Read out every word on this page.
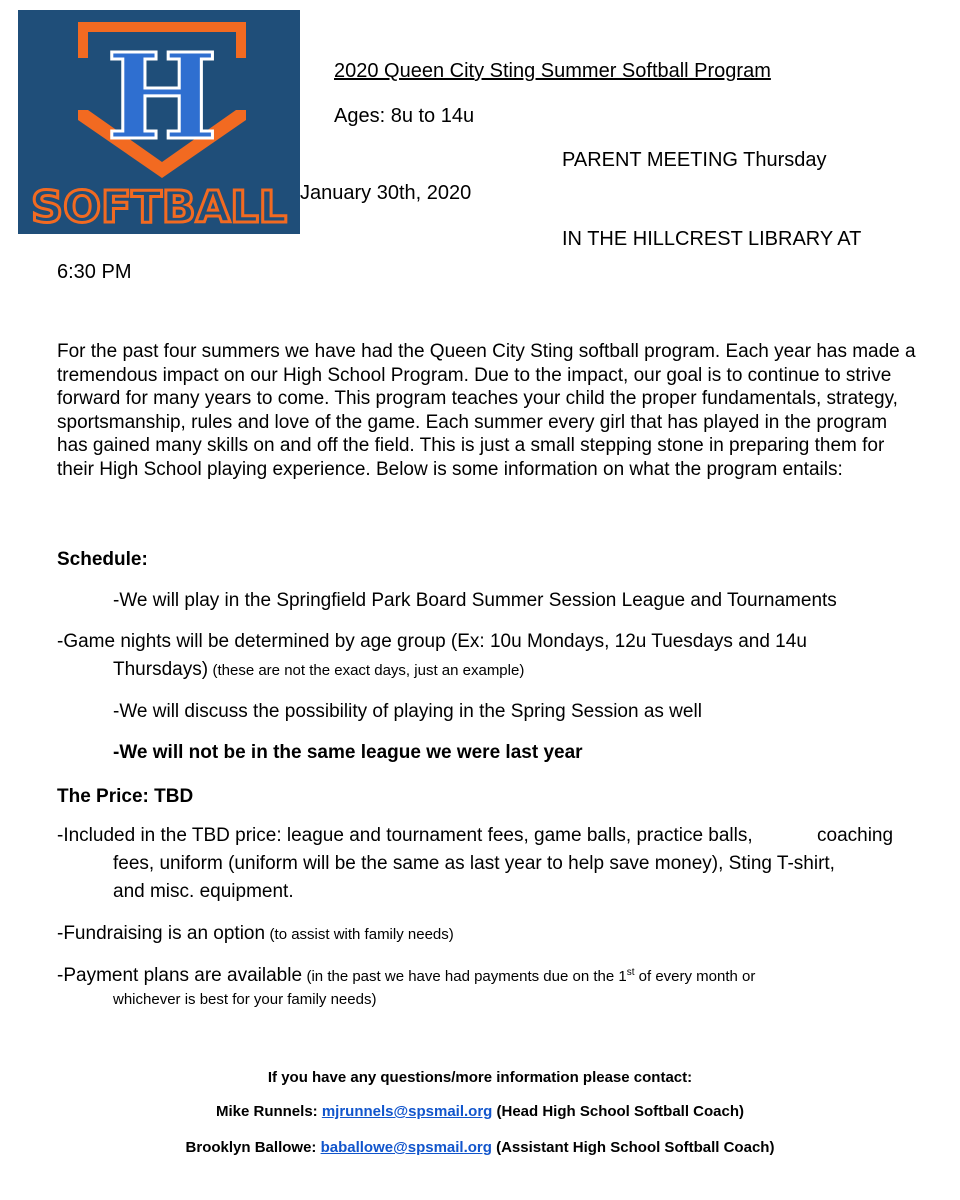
H
SOFTBALL
2020 Queen City Sting Summer Softball Program
Ages: 8u to 14u
PARENT MEETING Thursday
January 30th, 2020
IN THE HILLCREST LIBRARY AT
6:30 PM
For the past four summers we have had the Queen City Sting softball program. Each year has made a tremendous impact on our High School Program. Due to the impact, our goal is to continue to strive forward for many years to come. This program teaches your child the proper fundamentals, strategy, sportsmanship, rules and love of the game. Each summer every girl that has played in the program has gained many skills on and off the field. This is just a small stepping stone in preparing them for their High School playing experience. Below is some information on what the program entails:
Schedule:
-We will play in the Springfield Park Board Summer Session League and Tournaments
-Game nights will be determined by age group (Ex: 10u Mondays, 12u Tuesdays and 14u
Thursdays) (these are not the exact days, just an example)
-We will discuss the possibility of playing in the Spring Session as well
-We will not be in the same league we were last year
The Price: TBD
-Included in the TBD price: league and tournament fees, game balls, practice balls,	coaching
fees, uniform (uniform will be the same as last year to help save money), Sting T-shirt,
and misc. equipment.
-Fundraising is an option (to assist with family needs)
-Payment plans are available (in the past we have had payments due on the 1st of every month or
whichever is best for your family needs)
If you have any questions/more information please contact:
Mike Runnels: mjrunnels@spsmail.org (Head High School Softball Coach)
Brooklyn Ballowe: baballowe@spsmail.org (Assistant High School Softball Coach)
